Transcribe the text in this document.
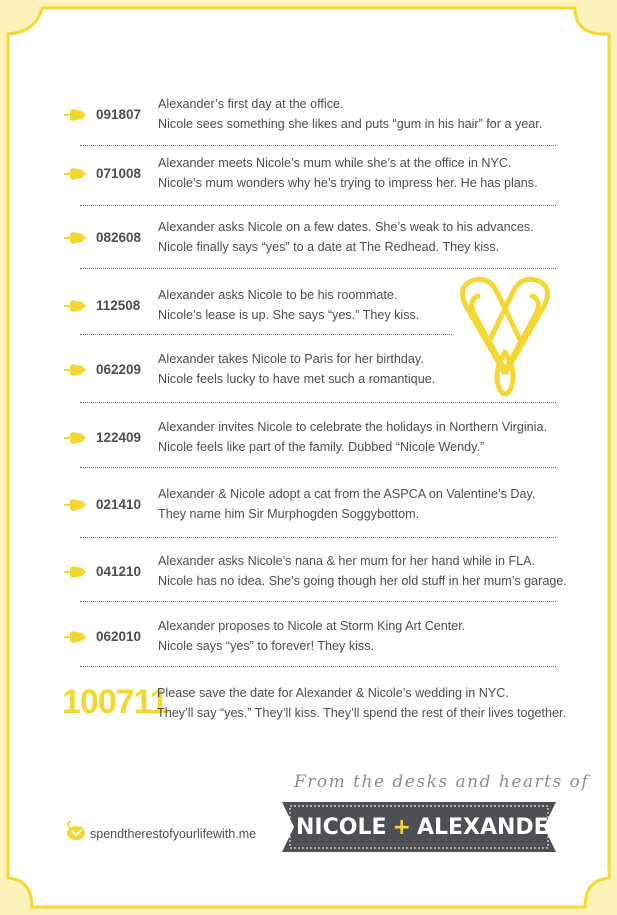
091807
Alexander’s first day at the office.
Nicole sees something she likes and puts “gum in his hair” for a year.
071008
Alexander meets Nicole’s mum while she’s at the office in NYC.
Nicole’s mum wonders why he’s trying to impress her. He has plans.
082608
Alexander asks Nicole on a few dates. She’s weak to his advances.
Nicole finally says “yes” to a date at The Redhead. They kiss.
112508
Alexander asks Nicole to be his roommate.
Nicole’s lease is up. She says “yes.” They kiss.
062209
Alexander takes Nicole to Paris for her birthday.
Nicole feels lucky to have met such a romantique.
122409
Alexander invites Nicole to celebrate the holidays in Northern Virginia.
Nicole feels like part of the family. Dubbed “Nicole Wendy.”
021410
Alexander & Nicole adopt a cat from the ASPCA on Valentine’s Day.
They name him Sir Murphogden Soggybottom.
041210
Alexander asks Nicole’s nana & her mum for her hand while in FLA.
Nicole has no idea. She’s going though her old stuff in her mum’s garage.
062010
Alexander proposes to Nicole at Storm King Art Center.
Nicole says “yes” to forever! They kiss.
100711
Please save the date for Alexander & Nicole’s wedding in NYC.
They’ll say “yes.” They’ll kiss. They’ll spend the rest of their lives together.
From the desks and hearts of
NICOLE + ALEXANDER
spendtherestofyourlifewith.me
